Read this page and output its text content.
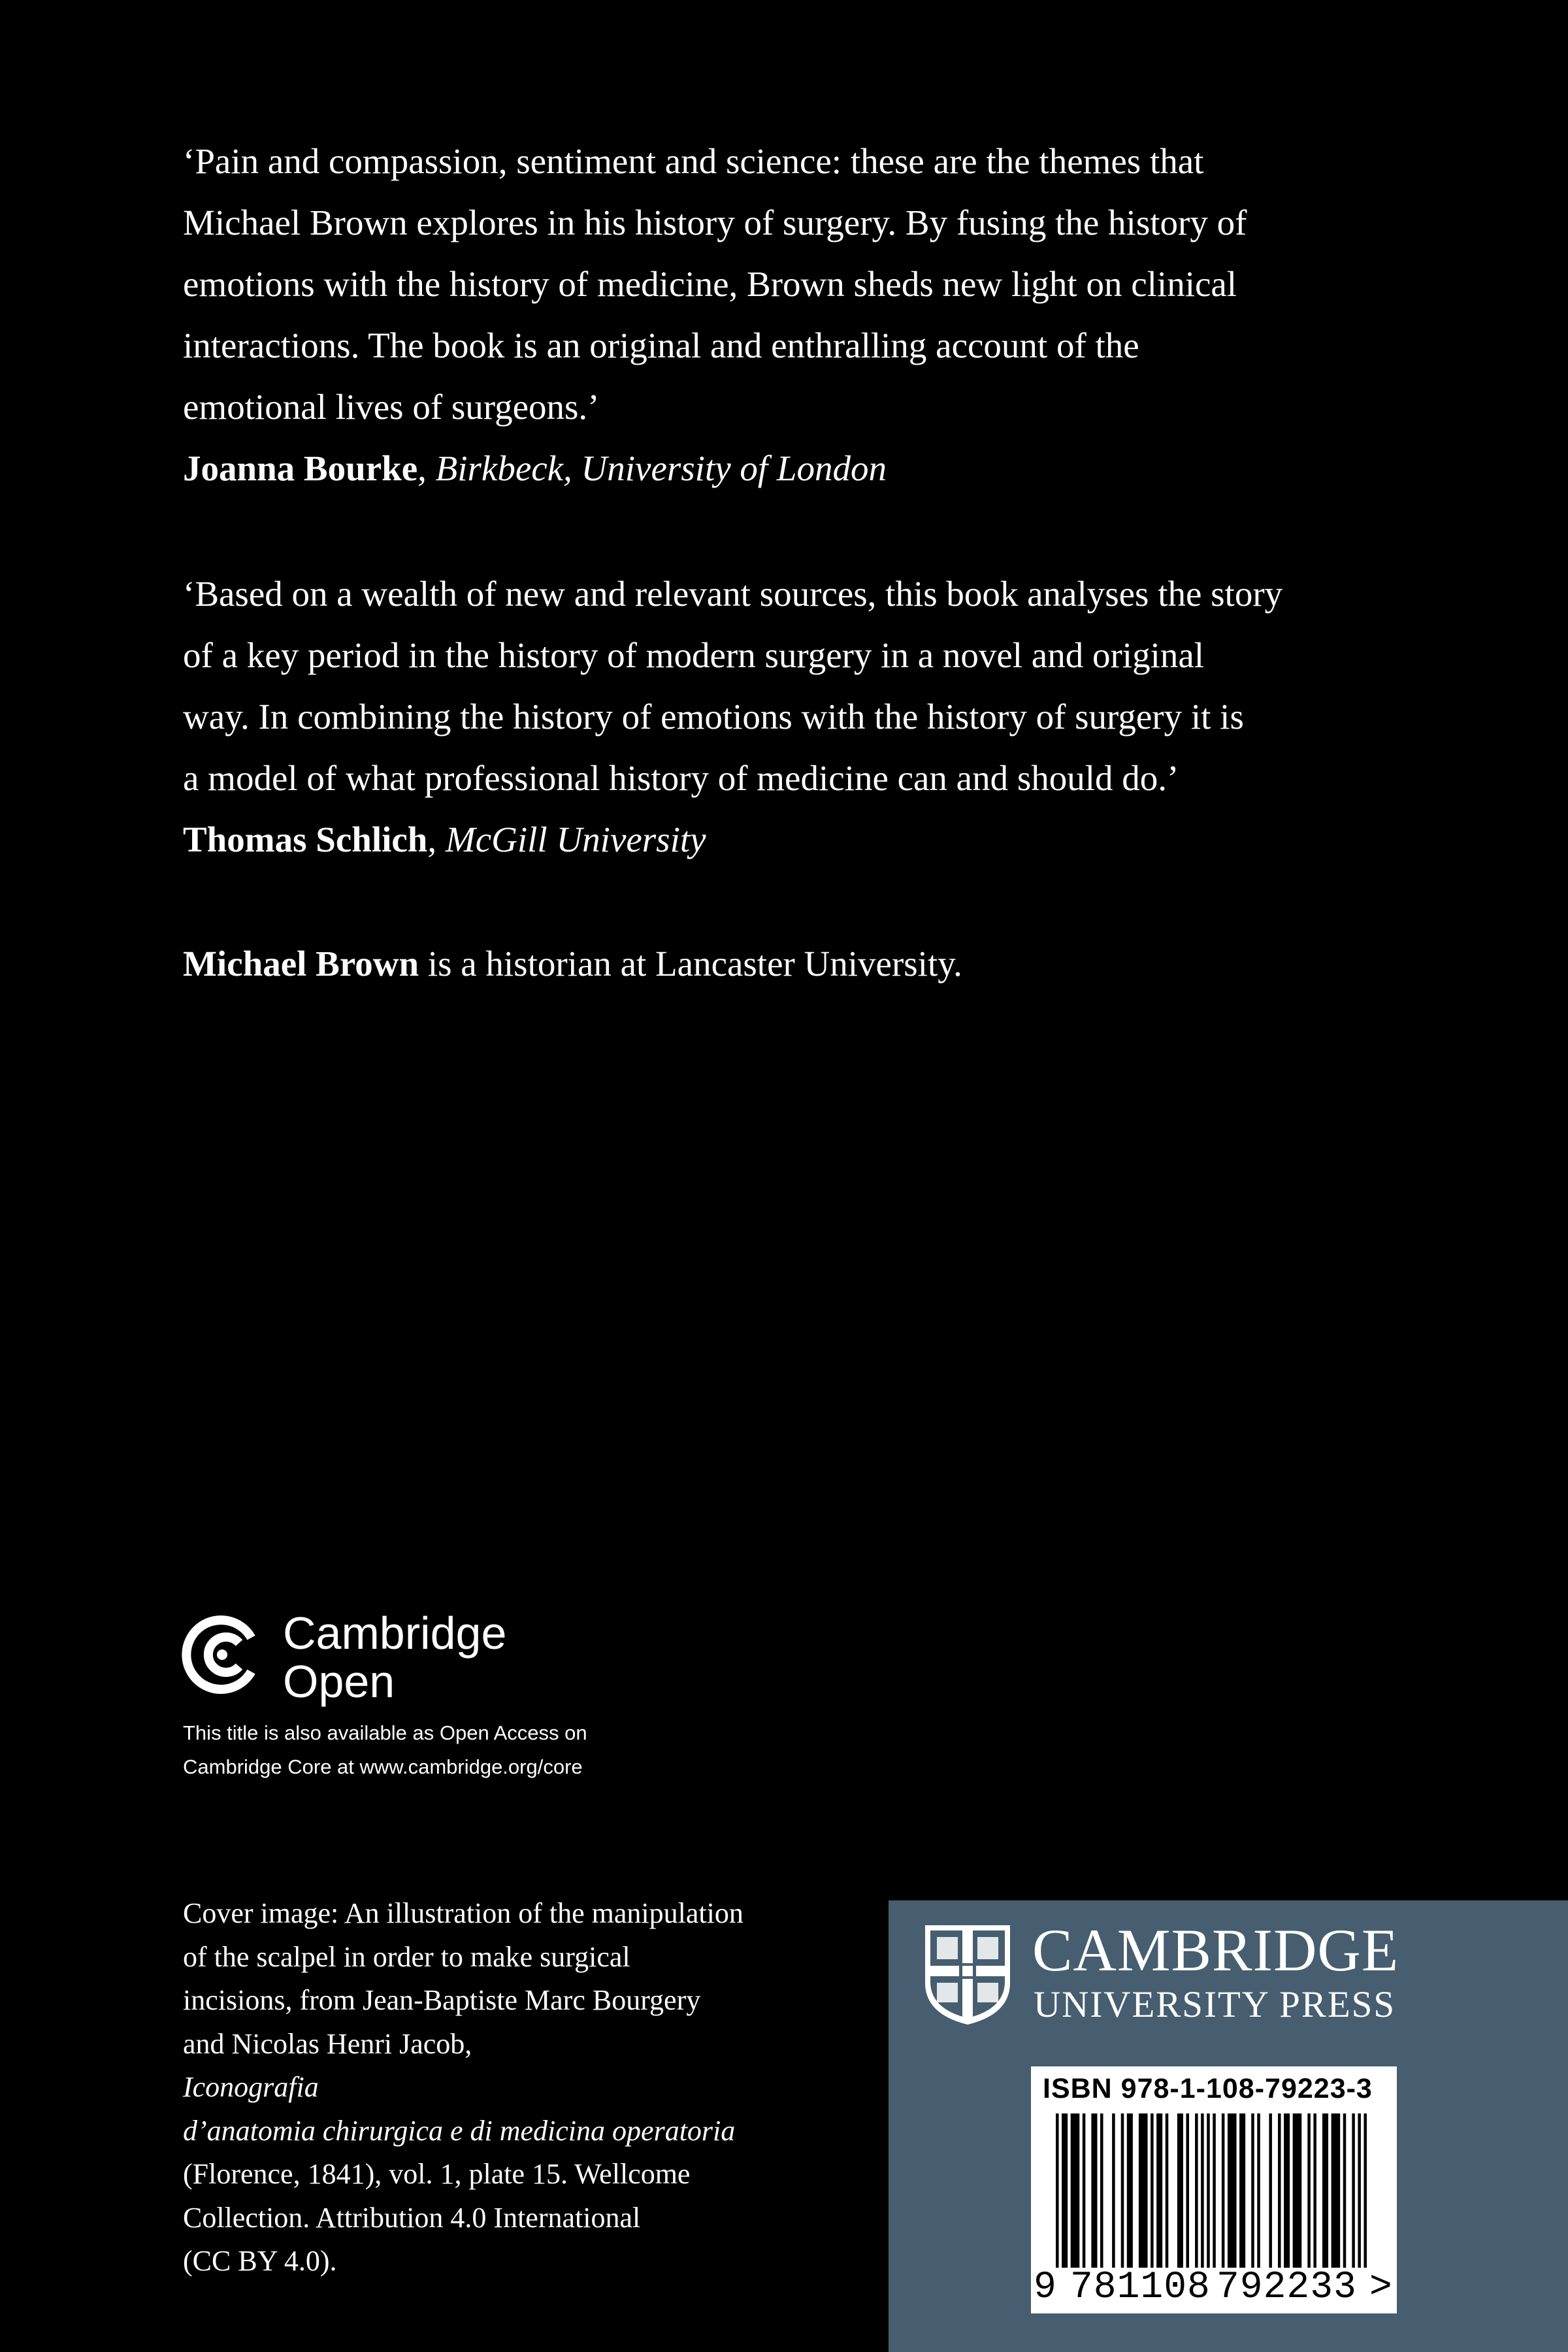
‘Pain and compassion, sentiment and science: these are the themes that

Michael Brown explores in his history of surgery. By fusing the history of

emotions with the history of medicine, Brown sheds new light on clinical

interactions. The book is an original and enthralling account of the

emotional lives of surgeons.’

Joanna Bourke, Birkbeck, University of London

‘Based on a wealth of new and relevant sources, this book analyses the story

of a key period in the history of modern surgery in a novel and original

way. In combining the history of emotions with the history of surgery it is

a model of what professional history of medicine can and should do.’

Thomas Schlich, McGill University

Michael Brown is a historian at Lancaster University.

Cambridge
Open
This title is also available as Open Access on
Cambridge Core at www.cambridge.org/core
Cover image: An illustration of the manipulation
of the scalpel in order to make surgical
incisions, from Jean-Baptiste Marc Bourgery
and Nicolas Henri Jacob,
Iconografia
d’anatomia chirurgica e di medicina operatoria
(Florence, 1841), vol. 1, plate 15. Wellcome
Collection. Attribution 4.0 International
(CC BY 4.0).
CAMBRIDGE
UNIVERSITY PRESS
ISBN 978-1-108-79223-3
9 781108 792233 >
